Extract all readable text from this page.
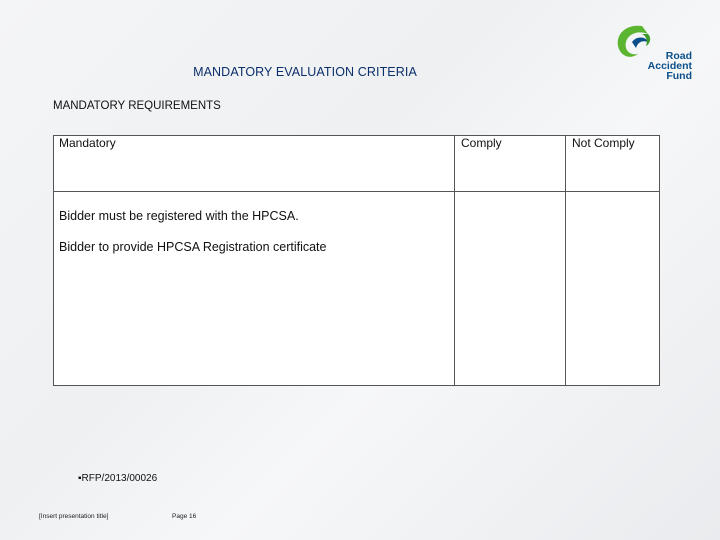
Road
Accident
Fund
MANDATORY EVALUATION CRITERIA
MANDATORY REQUIREMENTS
Mandatory	Comply	Not Comply

Bidder must be registered with the HPCSA.
Bidder to provide HPCSA Registration certificate		

▪RFP/2013/00026
[Insert presentation title]	Page 16
